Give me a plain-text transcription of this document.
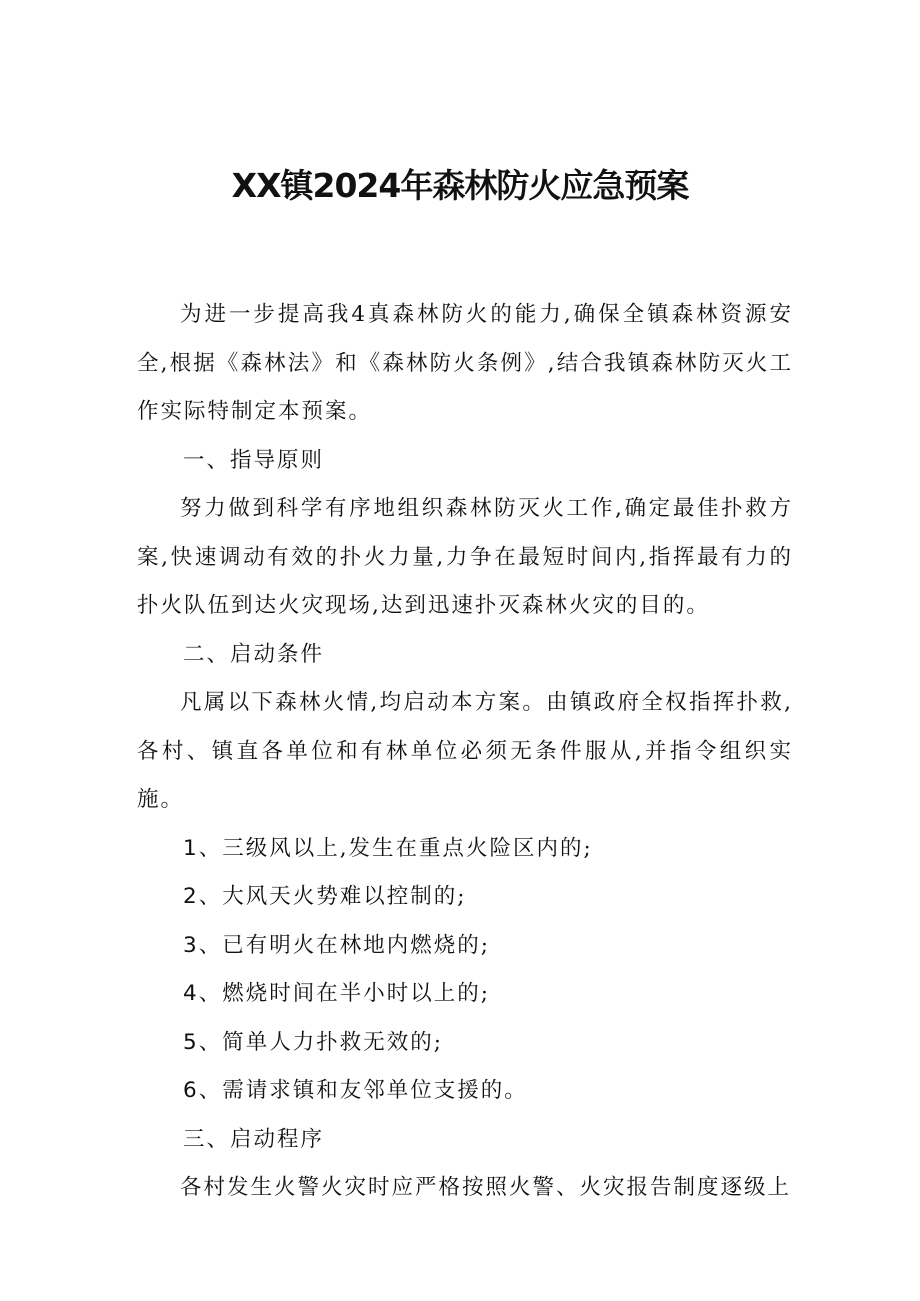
XX镇2024年森林防火应急预案

为进一步提高我4真森林防火的能力,确保全镇森林资源安全,根据《森林法》和《森林防火条例》,结合我镇森林防灭火工作实际特制定本预案。

一、指导原则

努力做到科学有序地组织森林防灭火工作,确定最佳扑救方案,快速调动有效的扑火力量,力争在最短时间内,指挥最有力的扑火队伍到达火灾现场,达到迅速扑灭森林火灾的目的。

二、启动条件

凡属以下森林火情,均启动本方案。由镇政府全权指挥扑救,各村、镇直各单位和有林单位必须无条件服从,并指令组织实施。

1、三级风以上,发生在重点火险区内的;

2、大风天火势难以控制的;

3、已有明火在林地内燃烧的;

4、燃烧时间在半小时以上的;

5、简单人力扑救无效的;

6、需请求镇和友邻单位支援的。

三、启动程序

各村发生火警火灾时应严格按照火警、火灾报告制度逐级上
